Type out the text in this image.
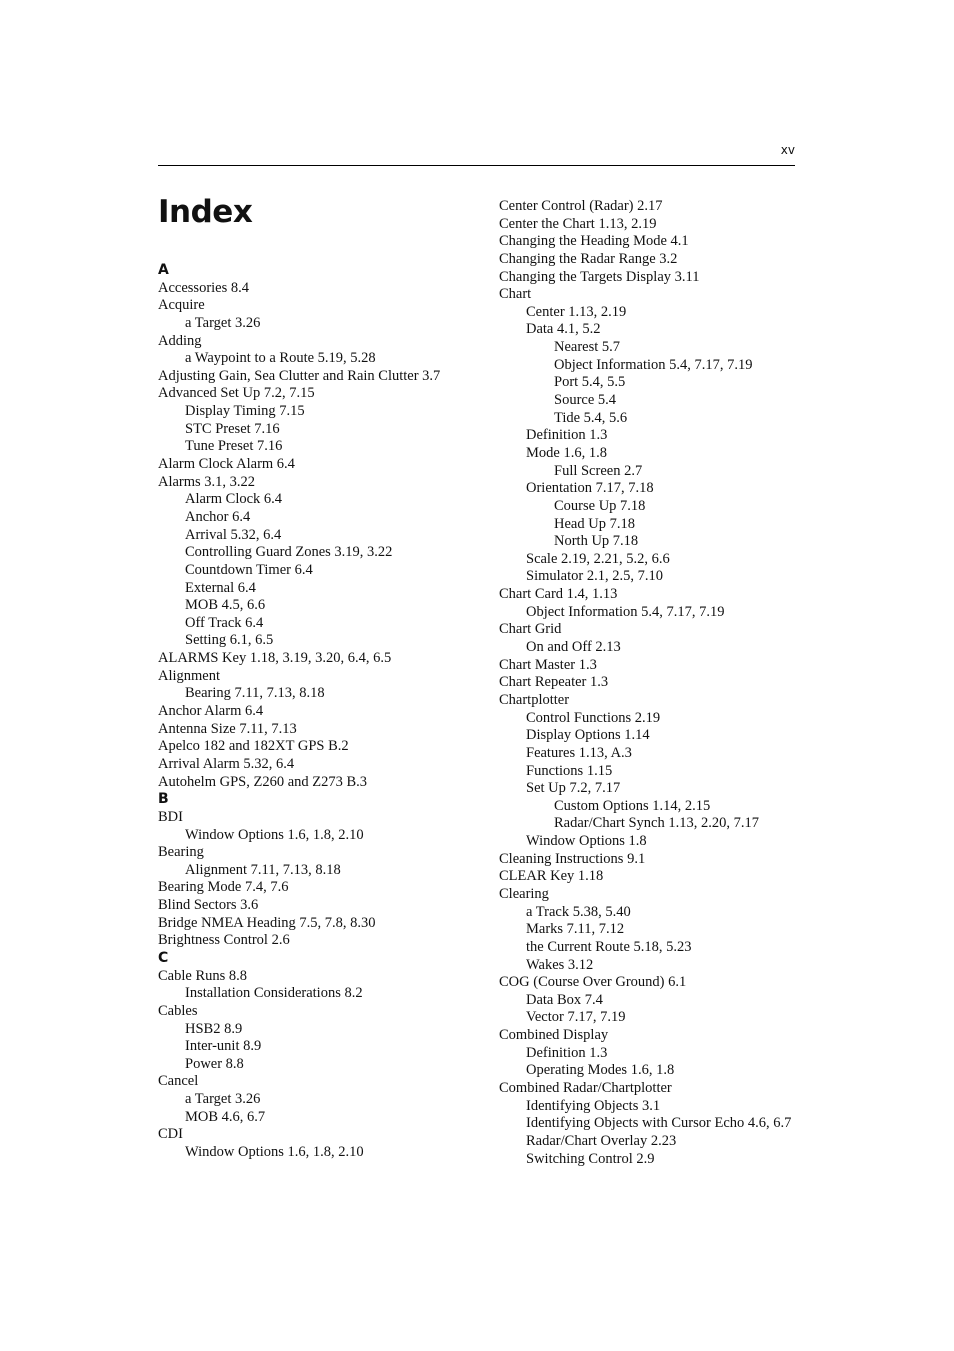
xv
Index
A
Accessories 8.4
Acquire
a Target 3.26
Adding
a Waypoint to a Route 5.19, 5.28
Adjusting Gain, Sea Clutter and Rain Clutter 3.7
Advanced Set Up 7.2, 7.15
Display Timing 7.15
STC Preset 7.16
Tune Preset 7.16
Alarm Clock Alarm 6.4
Alarms 3.1, 3.22
Alarm Clock 6.4
Anchor 6.4
Arrival 5.32, 6.4
Controlling Guard Zones 3.19, 3.22
Countdown Timer 6.4
External 6.4
MOB 4.5, 6.6
Off Track 6.4
Setting 6.1, 6.5
ALARMS Key 1.18, 3.19, 3.20, 6.4, 6.5
Alignment
Bearing 7.11, 7.13, 8.18
Anchor Alarm 6.4
Antenna Size 7.11, 7.13
Apelco 182 and 182XT GPS B.2
Arrival Alarm 5.32, 6.4
Autohelm GPS, Z260 and Z273 B.3
B
BDI
Window Options 1.6, 1.8, 2.10
Bearing
Alignment 7.11, 7.13, 8.18
Bearing Mode 7.4, 7.6
Blind Sectors 3.6
Bridge NMEA Heading 7.5, 7.8, 8.30
Brightness Control 2.6
C
Cable Runs 8.8
Installation Considerations 8.2
Cables
HSB2 8.9
Inter-unit 8.9
Power 8.8
Cancel
a Target 3.26
MOB 4.6, 6.7
CDI
Window Options 1.6, 1.8, 2.10
Center Control (Radar) 2.17
Center the Chart 1.13, 2.19
Changing the Heading Mode 4.1
Changing the Radar Range 3.2
Changing the Targets Display 3.11
Chart
Center 1.13, 2.19
Data 4.1, 5.2
Nearest 5.7
Object Information 5.4, 7.17, 7.19
Port 5.4, 5.5
Source 5.4
Tide 5.4, 5.6
Definition 1.3
Mode 1.6, 1.8
Full Screen 2.7
Orientation 7.17, 7.18
Course Up 7.18
Head Up 7.18
North Up 7.18
Scale 2.19, 2.21, 5.2, 6.6
Simulator 2.1, 2.5, 7.10
Chart Card 1.4, 1.13
Object Information 5.4, 7.17, 7.19
Chart Grid
On and Off 2.13
Chart Master 1.3
Chart Repeater 1.3
Chartplotter
Control Functions 2.19
Display Options 1.14
Features 1.13, A.3
Functions 1.15
Set Up 7.2, 7.17
Custom Options 1.14, 2.15
Radar/Chart Synch 1.13, 2.20, 7.17
Window Options 1.8
Cleaning Instructions 9.1
CLEAR Key 1.18
Clearing
a Track 5.38, 5.40
Marks 7.11, 7.12
the Current Route 5.18, 5.23
Wakes 3.12
COG (Course Over Ground) 6.1
Data Box 7.4
Vector 7.17, 7.19
Combined Display
Definition 1.3
Operating Modes 1.6, 1.8
Combined Radar/Chartplotter
Identifying Objects 3.1
Identifying Objects with Cursor Echo 4.6, 6.7
Radar/Chart Overlay 2.23
Switching Control 2.9
